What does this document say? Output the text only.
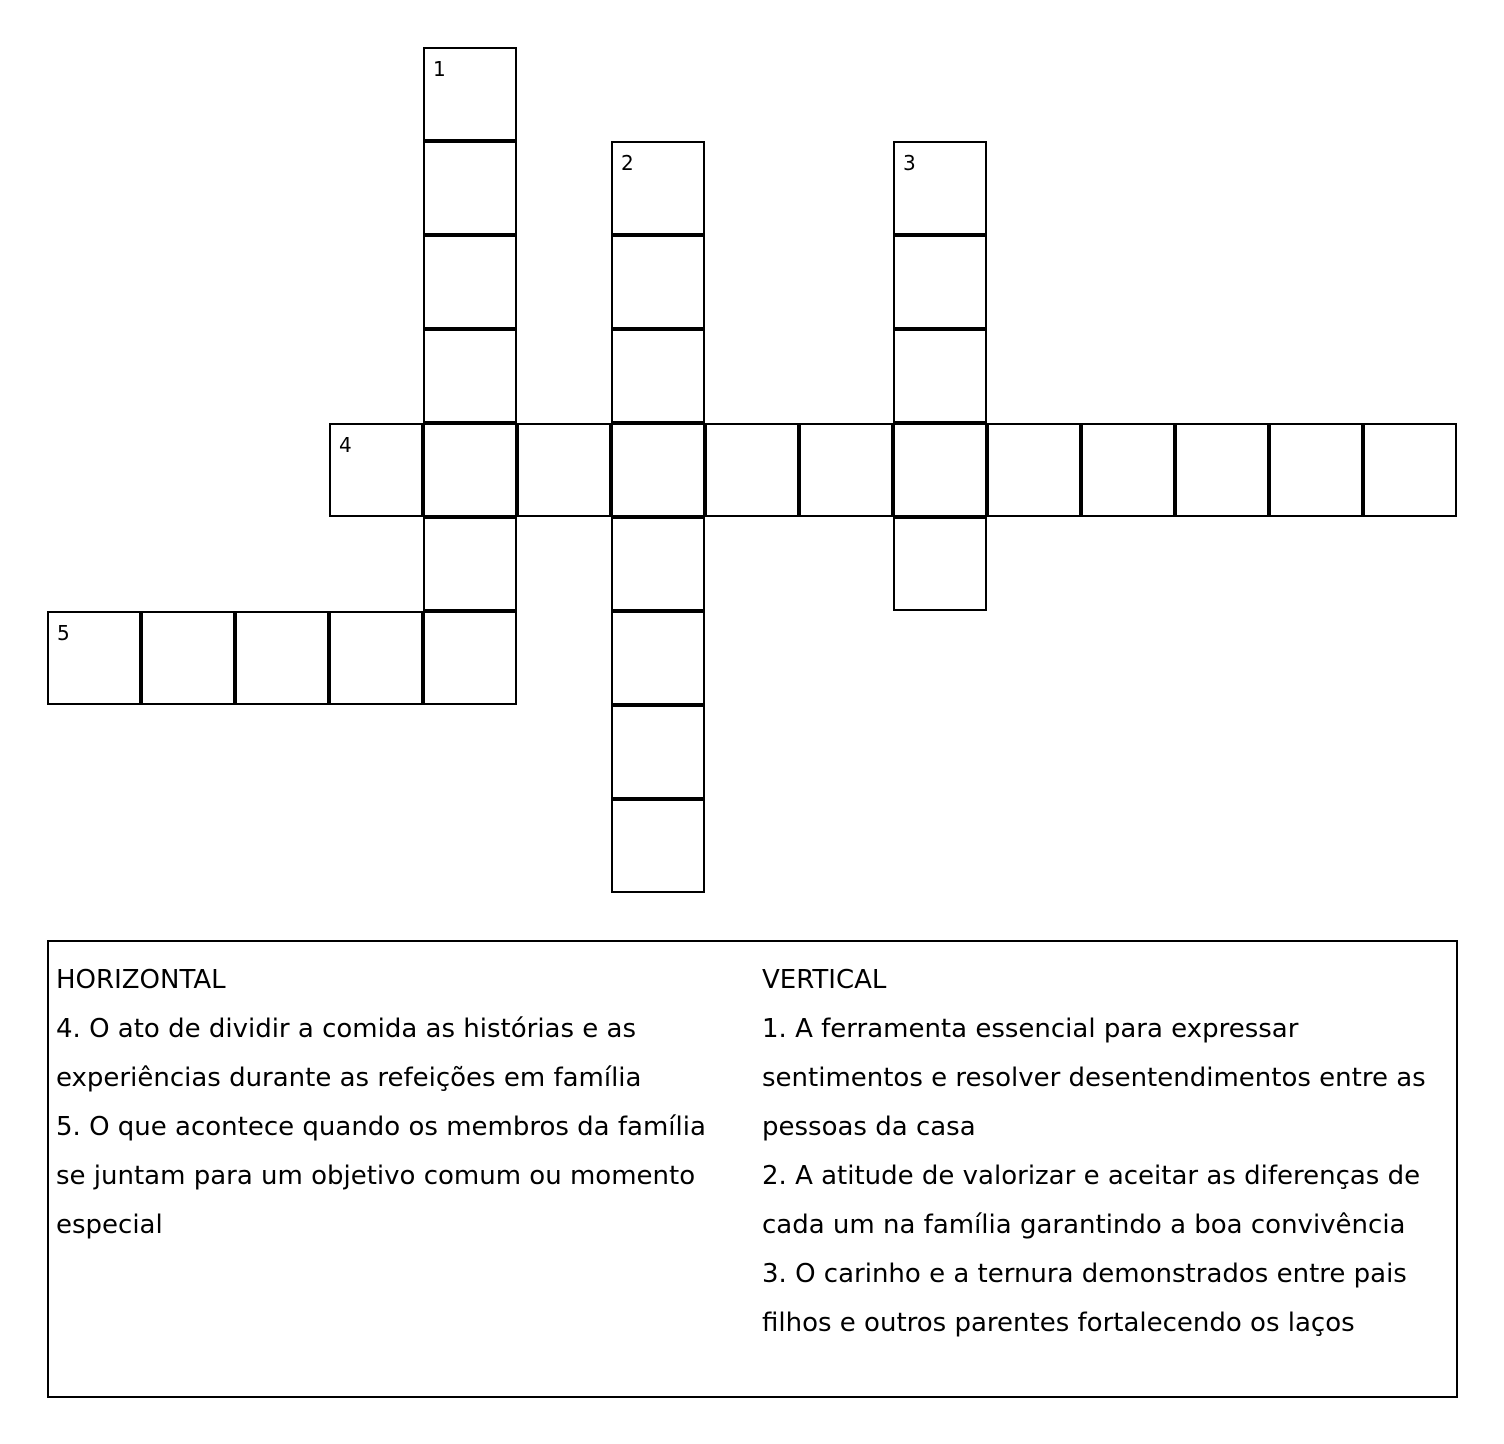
1
2	3
4
5

HORIZONTAL

4. O ato de dividir a comida as histórias e as experiências durante as refeições em família

5. O que acontece quando os membros da família se juntam para um objetivo comum ou momento especial

VERTICAL

1. A ferramenta essencial para expressar sentimentos e resolver desentendimentos entre as pessoas da casa

2. A atitude de valorizar e aceitar as diferenças de cada um na família garantindo a boa convivência

3. O carinho e a ternura demonstrados entre pais filhos e outros parentes fortalecendo os laços
